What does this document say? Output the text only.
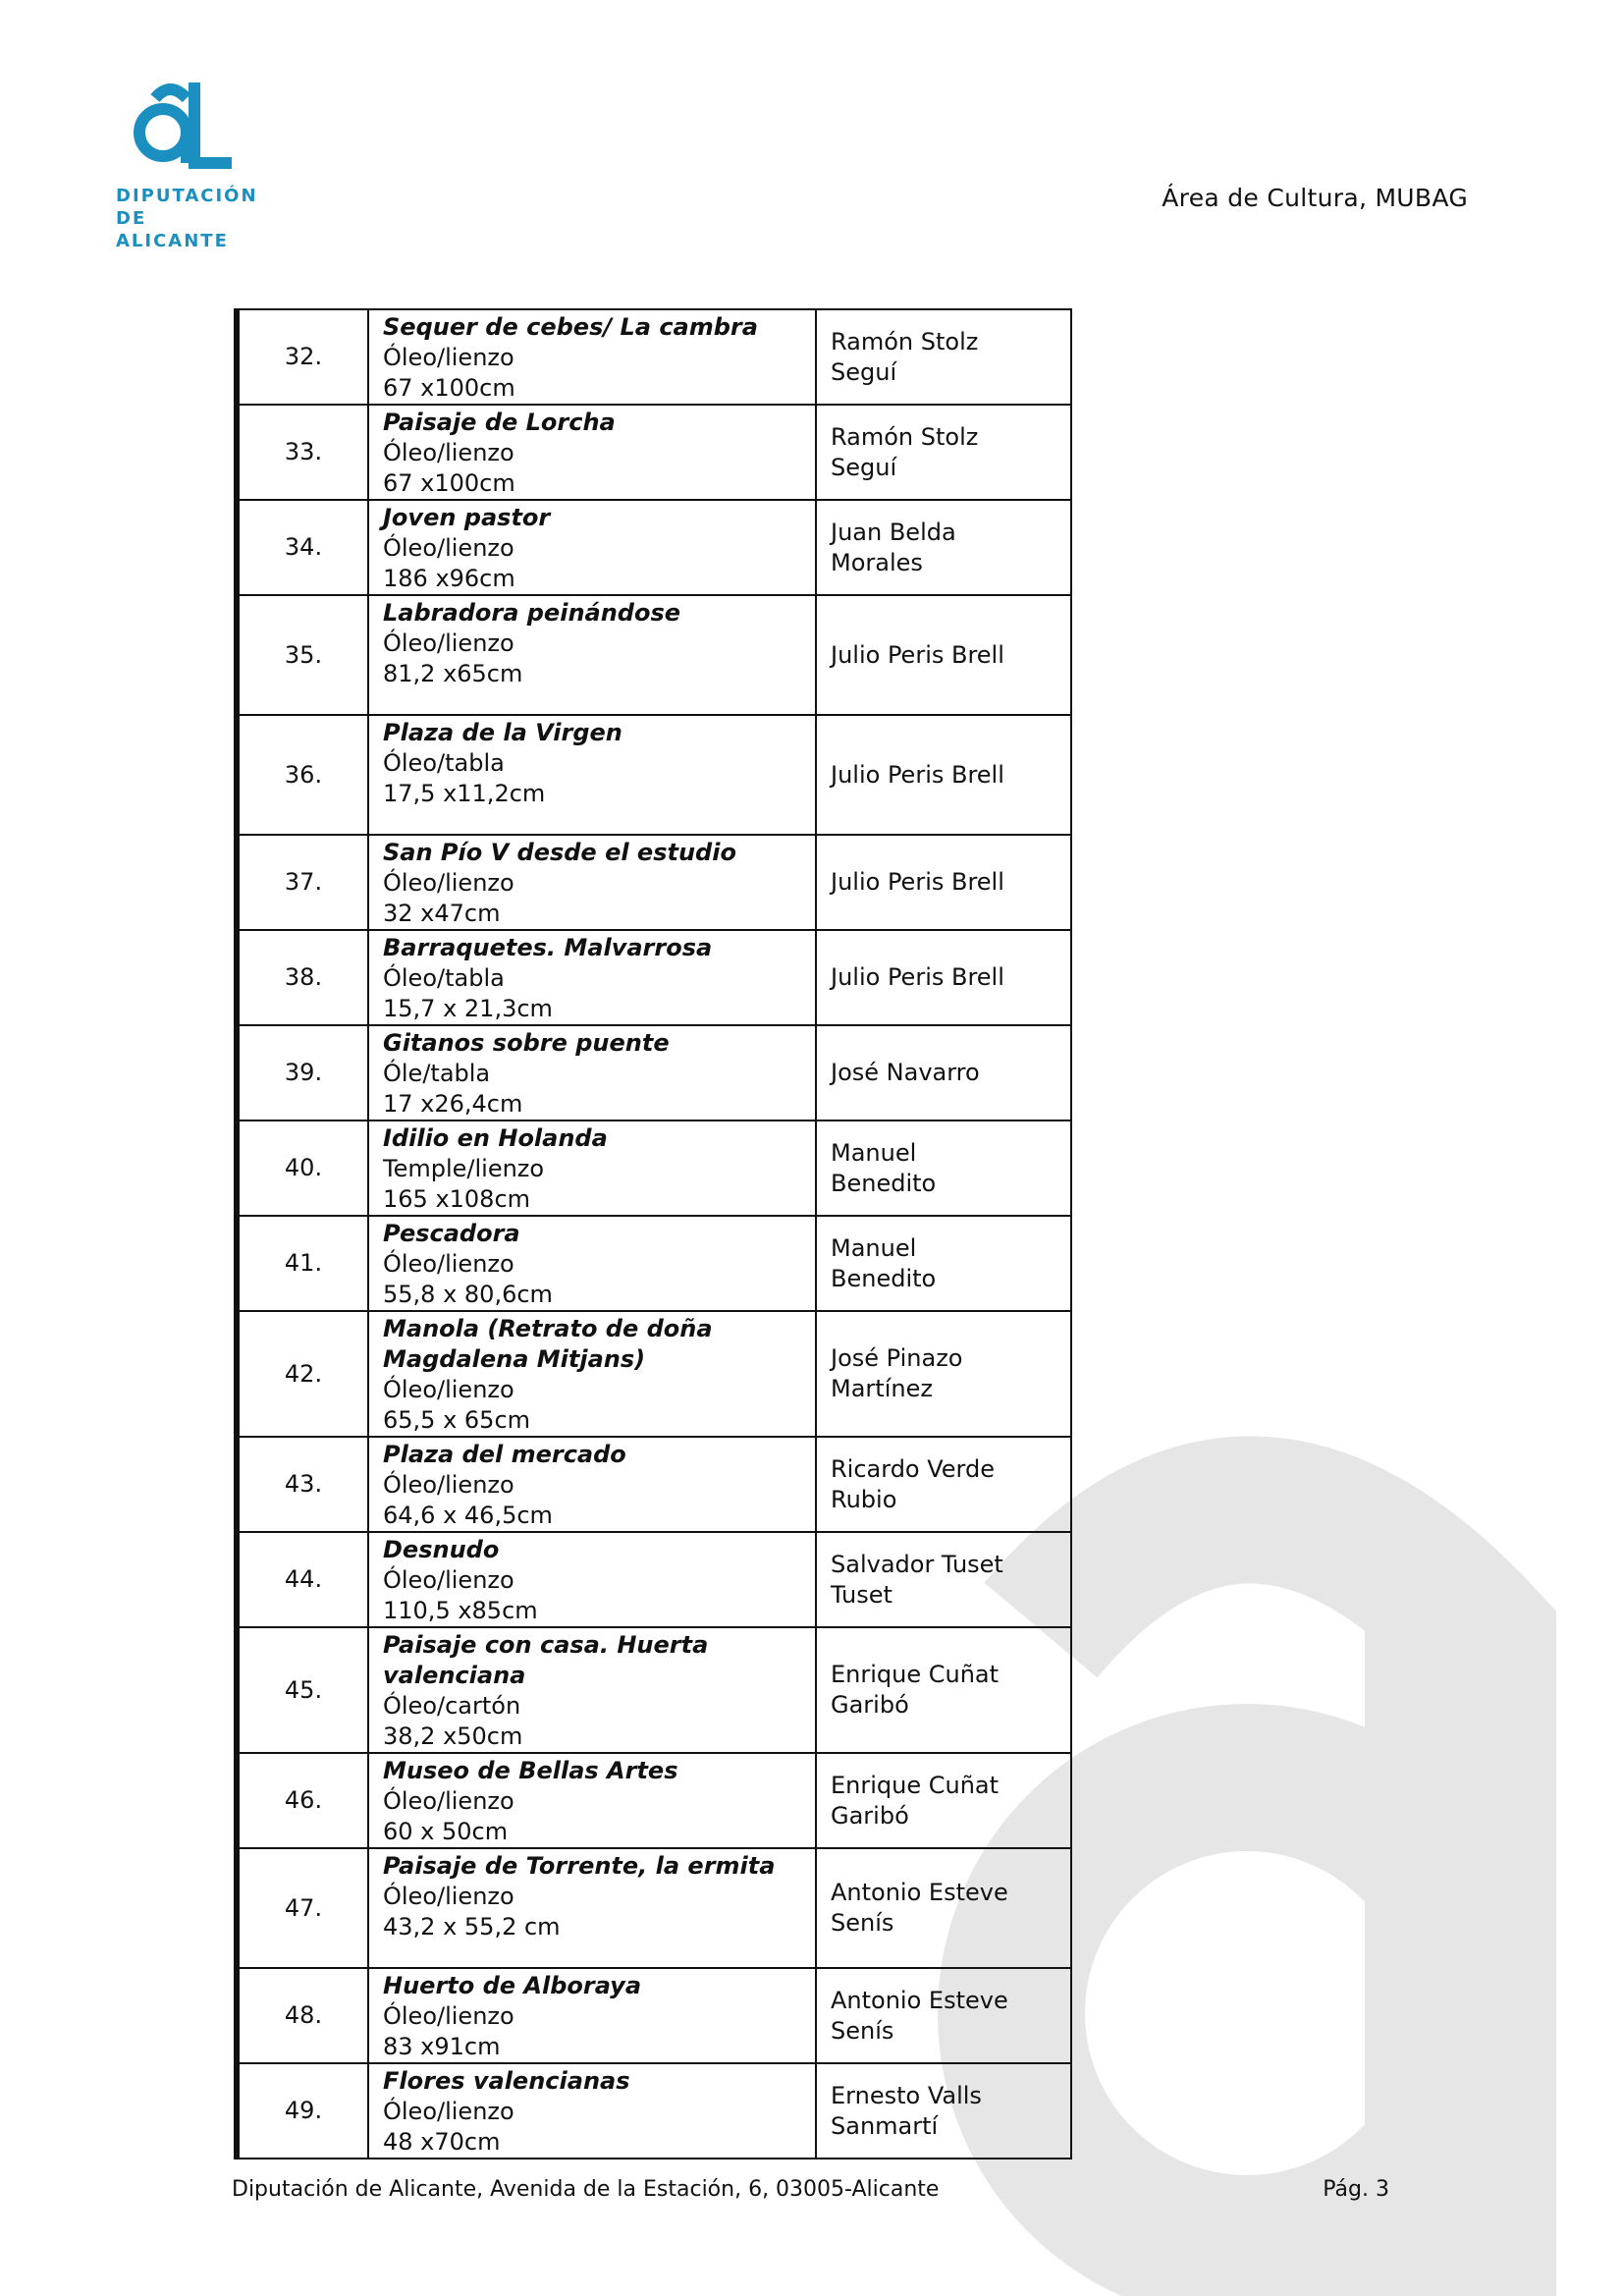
DIPUTACIÓN
DE ALICANTE
Área de Cultura, MUBAG
32.	Sequer de cebes/ La cambra
Óleo/lienzo
67 x100cm	Ramón Stolz
Seguí

33.	Paisaje de Lorcha
Óleo/lienzo
67 x100cm	Ramón Stolz
Seguí

34.	Joven pastor
Óleo/lienzo
186 x96cm	Juan Belda
Morales

35.	Labradora peinándose
Óleo/lienzo
81,2 x65cm	Julio Peris Brell

36.	Plaza de la Virgen
Óleo/tabla
17,5 x11,2cm	Julio Peris Brell

37.	San Pío V desde el estudio
Óleo/lienzo
32 x47cm	Julio Peris Brell

38.	Barraquetes. Malvarrosa
Óleo/tabla
15,7 x 21,3cm	Julio Peris Brell

39.	Gitanos sobre puente
Óle/tabla
17 x26,4cm	José Navarro

40.	Idilio en Holanda
Temple/lienzo
165 x108cm	Manuel
Benedito

41.	Pescadora
Óleo/lienzo
55,8 x 80,6cm	Manuel
Benedito

42.	Manola (Retrato de doña Magdalena Mitjans)
Óleo/lienzo
65,5 x 65cm	José Pinazo
Martínez

43.	Plaza del mercado
Óleo/lienzo
64,6 x 46,5cm	Ricardo Verde
Rubio

44.	Desnudo
Óleo/lienzo
110,5 x85cm	Salvador Tuset
Tuset

45.	Paisaje con casa. Huerta valenciana
Óleo/cartón
38,2 x50cm	Enrique Cuñat
Garibó

46.	Museo de Bellas Artes
Óleo/lienzo
60 x 50cm	Enrique Cuñat
Garibó

47.	Paisaje de Torrente, la ermita
Óleo/lienzo
43,2 x 55,2 cm	Antonio Esteve
Senís

48.	Huerto de Alboraya
Óleo/lienzo
83 x91cm	Antonio Esteve
Senís

49.	Flores valencianas
Óleo/lienzo
48 x70cm	Ernesto Valls
Sanmartí
Diputación de Alicante, Avenida de la Estación, 6, 03005-Alicante	Pág. 3
